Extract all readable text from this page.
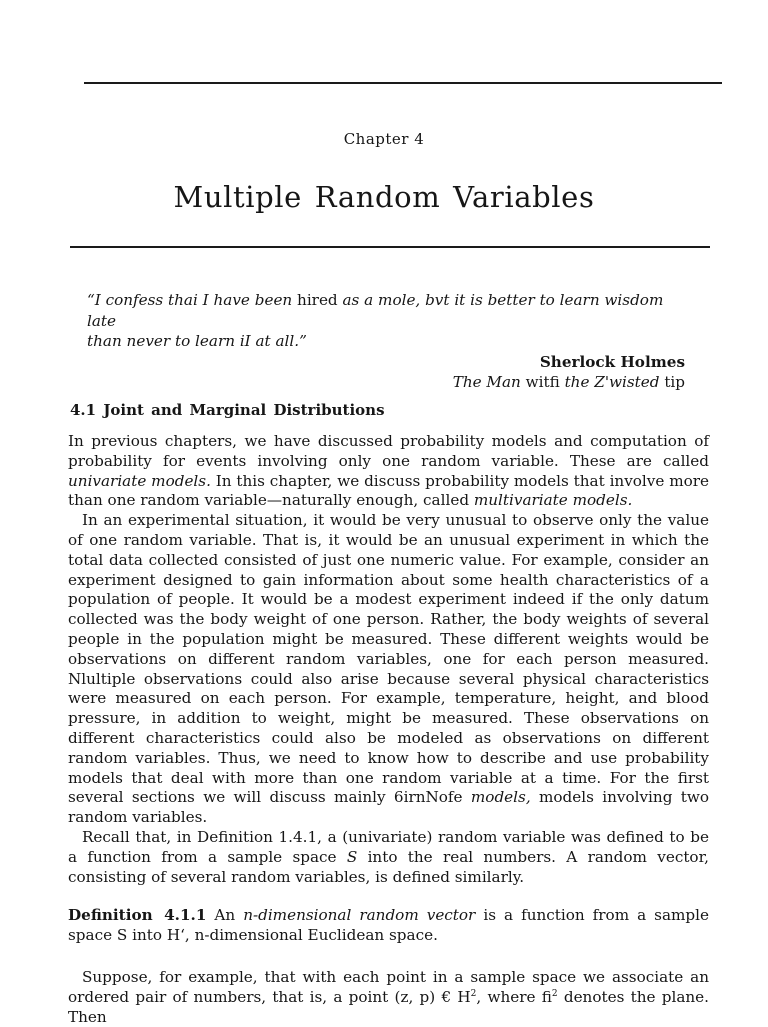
Chapter 4
Multiple Random Variables

“I confess thai I have been hired as a mole, bvt it is better to learn wisdom late
than never to learn iI at all.”

Sherlock Holmes

The Man witfi the Z'wisted tip

4.1 Joint and Marginal Distributions

In previous chapters, we have discussed probability models and computation of probability for events involving only one random variable. These are called univariate models. In this chapter, we discuss probability models that involve more than one random variable—naturally enough, called multivariate models.

In an experimental situation, it would be very unusual to observe only the value of one random variable. That is, it would be an unusual experiment in which the total data collected consisted of just one numeric value. For example, consider an experiment designed to gain information about some health characteristics of a population of people. It would be a modest experiment indeed if the only datum collected was the body weight of one person. Rather, the body weights of several people in the population might be measured. These different weights would be observations on different random variables, one for each person measured. Nlultiple observations could also arise because several physical characteristics were measured on each person. For example, temperature, height, and blood pressure, in addition to weight, might be measured. These observations on different characteristics could also be modeled as observations on different random variables. Thus, we need to know how to describe and use probability models that deal with more than one random variable at a time. For the first several sections we will discuss mainly 6irnNofe models, models involving two random variables.

Recall that, in Definition 1.4.1, a (univariate) random variable was defined to be a function from a sample space S into the real numbers. A random vector, consisting of several random variables, is defined similarly.

Definition 4.1.1 An n-dimensional random vector is a function from a sample space S into H‘, n-dimensional Euclidean space.

Suppose, for example, that with each point in a sample space we associate an ordered pair of numbers, that is, a point (z, p) € $H^2$, where $fi^2$ denotes the plane. Then
